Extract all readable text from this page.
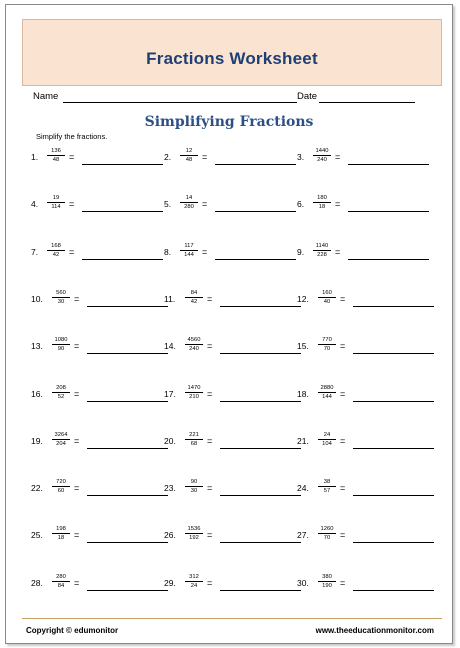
Fractions Worksheet
Name	Date
Simplifying Fractions
Simplify the fractions.
1.
136
48	=	2.
12
48	=	3.
1440
240 =
4.
19
114 =	5.
14
280 =	6.
180
18	=
7.
168
42	=	8.
117
144 =	9.
1140
228 =
10.
560
30	=	11.
84
42	=	12.
160
40	=
13.
1080
90	=	14.
4560
240 =	15.
770
70	=
16.
208
52	=	17.
1470
210 =	18.
2880
144 =
19.
3264
204 =	20.
221
68	=	21.
24
104 =
22.
720
60	=	23.
90
30	=	24.
38
57	=
25.
198
18	=	26.
1536
192 =	27.
1260
70	=
28.
280
84	=	29.
312
24	=	30.
380
190 =
Copyright © edumonitor	www.theeducationmonitor.com
